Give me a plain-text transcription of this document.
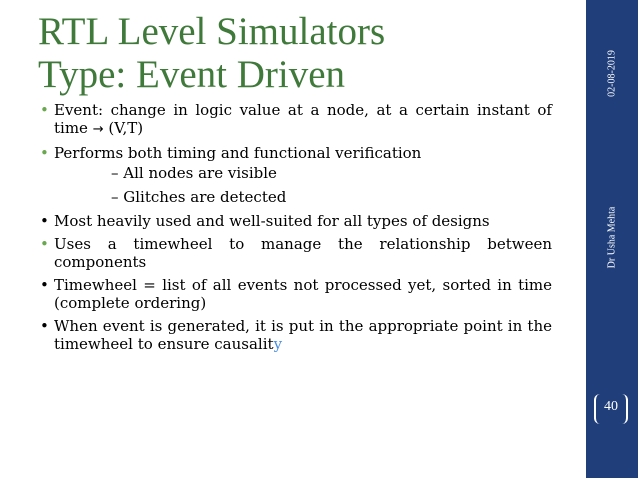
RTL Level Simulators
Type: Event Driven
• Event: change in logic value at a node, at a certain instant of time → (V,T)
• Performs both timing and functional verification
– All nodes are visible
– Glitches are detected
• Most heavily used and well-suited for all types of designs
• Uses a timewheel to manage the relationship between components
• Timewheel = list of all events not processed yet, sorted in time (complete ordering)
• When event is generated, it is put in the appropriate point in the timewheel to ensure causality
02-08-2019
Dr Usha Mehta
40
